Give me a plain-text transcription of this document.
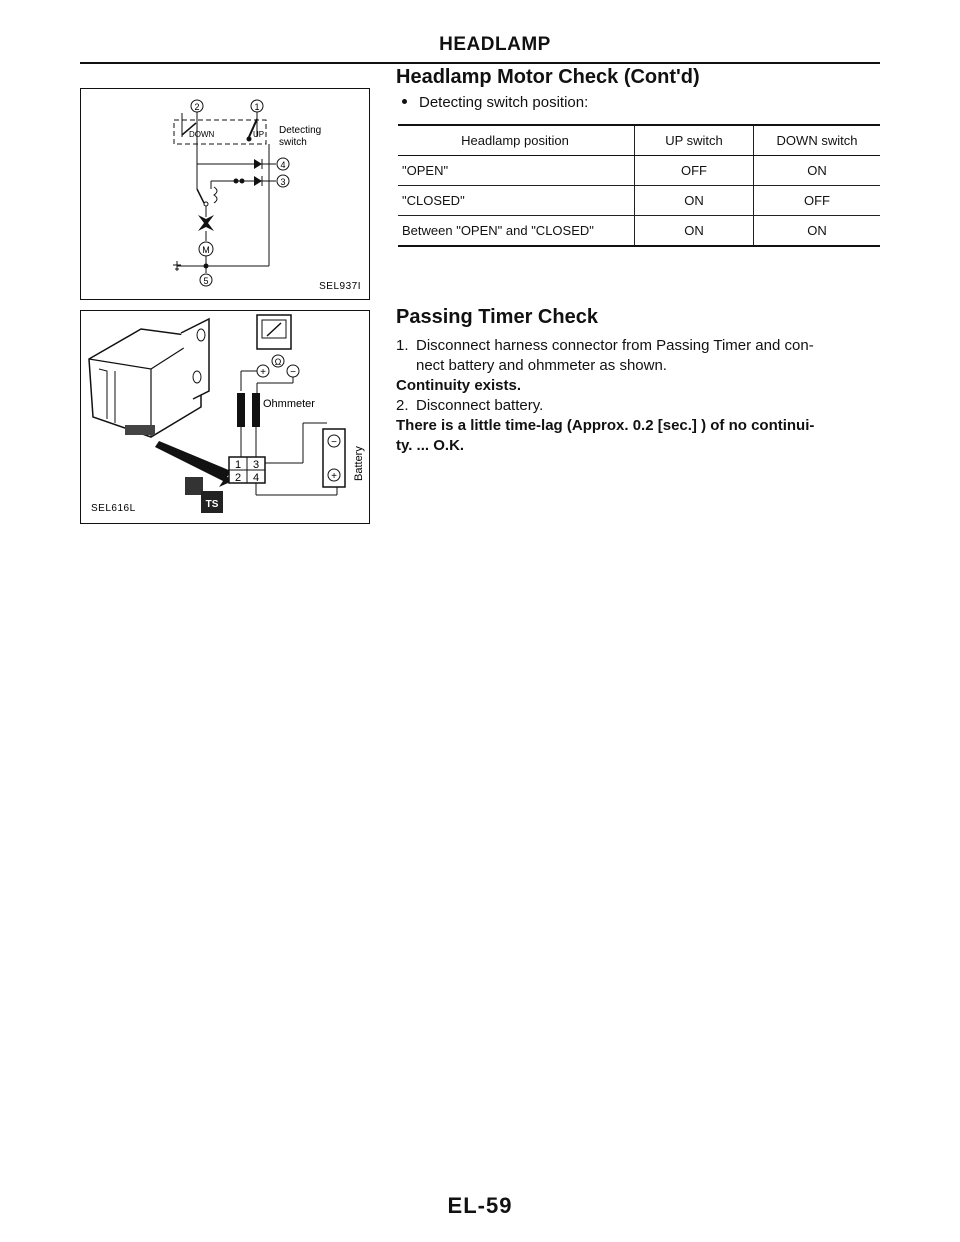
HEADLAMP
2	1
DOWN	UP
4
3
M
5
Detecting
switch
SEL937I
+
Ω
−
Ohmmeter
1 3
2 4
−
+ Battery
TS
SEL616L
Headlamp Motor Check (Cont'd)
Detecting switch position:
Headlamp position	UP switch	DOWN switch
"OPEN"	OFF	ON
"CLOSED"	ON	OFF
Between "OPEN" and "CLOSED"	ON	ON
Passing Timer Check

1. Disconnect harness connector from Passing Timer and con-

nect battery and ohmmeter as shown.

Continuity exists.

2. Disconnect battery.

There is a little time-lag (Approx. 0.2 [sec.] ) of no continui-

ty. ... O.K.

EL-59
